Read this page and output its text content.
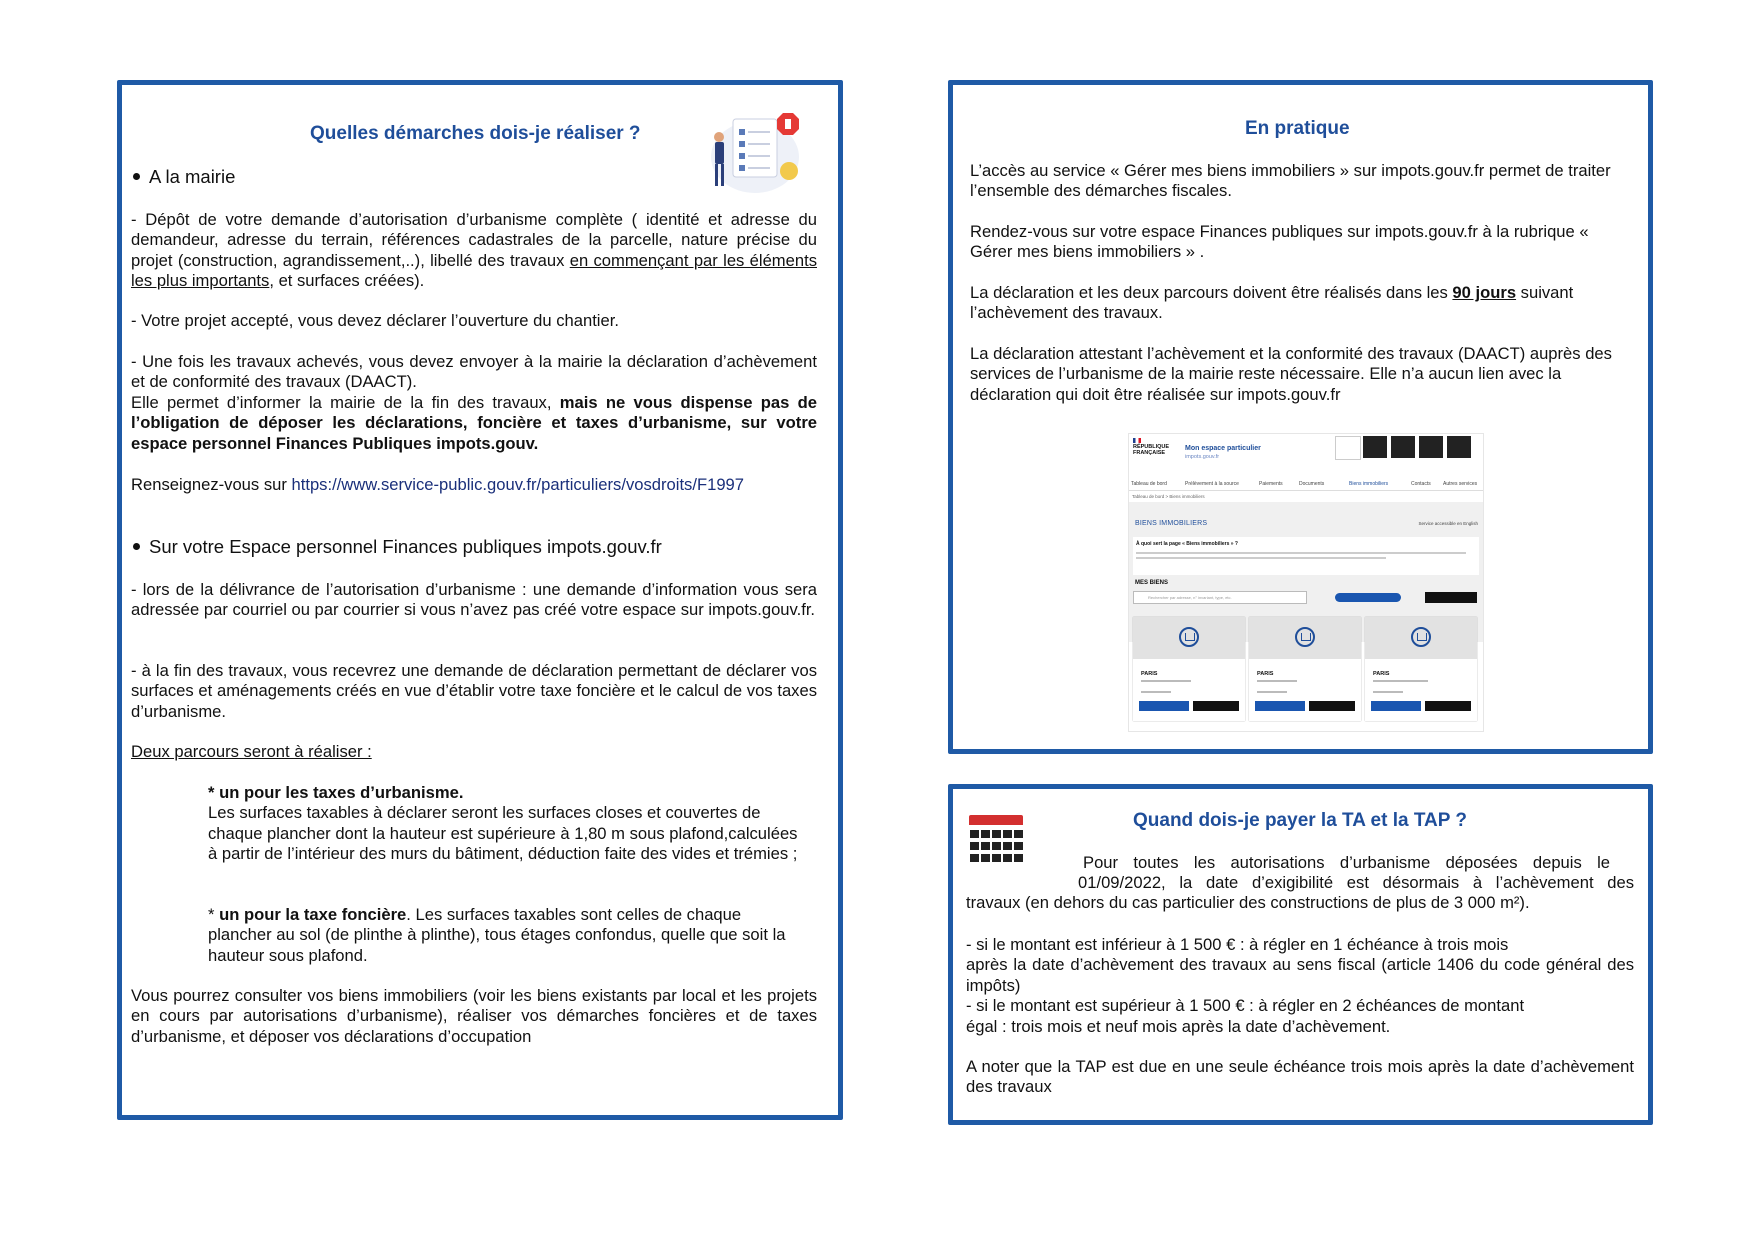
Quelles démarches dois-je réaliser ?
A la mairie
- Dépôt de votre demande d’autorisation d’urbanisme complète ( identité et adresse du demandeur, adresse du terrain, références cadastrales de la parcelle, nature précise du projet (construction, agrandissement,..), libellé des travaux en commençant par les éléments les plus importants, et surfaces créées).
- Votre projet accepté, vous devez déclarer l’ouverture du chantier.

- Une fois les travaux achevés, vous devez envoyer à la mairie la déclaration d’achèvement et de conformité des travaux (DAACT).

Elle permet d’informer la mairie de la fin des travaux, mais ne vous dispense pas de l’obligation de déposer les déclarations, foncière et taxes d’urbanisme, sur votre espace personnel Finances Publiques impots.gouv.

Renseignez-vous sur https://www.service-public.gouv.fr/particuliers/vosdroits/F1997
Sur votre Espace personnel Finances publiques impots.gouv.fr
- lors de la délivrance de l’autorisation d’urbanisme : une demande d’information vous sera adressée par courriel ou par courrier si vous n’avez pas créé votre espace sur impots.gouv.fr.
- à la fin des travaux, vous recevrez une demande de déclaration permettant de déclarer vos surfaces et aménagements créés en vue d’établir votre taxe foncière et le calcul de vos taxes d’urbanisme.
Deux parcours seront à réaliser :

* un pour les taxes d’urbanisme.

Les surfaces taxables à déclarer seront les surfaces closes et couvertes de chaque plancher dont la hauteur est supérieure à 1,80 m sous plafond,calculées à partir de l’intérieur des murs du bâtiment, déduction faite des vides et trémies ;

* un pour la taxe foncière. Les surfaces taxables sont celles de chaque plancher au sol (de plinthe à plinthe), tous étages confondus, quelle que soit la hauteur sous plafond.
Vous pourrez consulter vos biens immobiliers (voir les biens existants par local et les projets en cours par autorisations d’urbanisme), réaliser vos démarches foncières et de taxes d’urbanisme, et déposer vos déclarations d’occupation
En pratique
L’accès au service « Gérer mes biens immobiliers » sur impots.gouv.fr permet de traiter l’ensemble des démarches fiscales.
Rendez-vous sur votre espace Finances publiques sur impots.gouv.fr à la rubrique « Gérer mes biens immobiliers » .
La déclaration et les deux parcours doivent être réalisés dans les 90 jours suivant l’achèvement des travaux.
La déclaration attestant l’achèvement et la conformité des travaux (DAACT) auprès des services de l’urbanisme de la mairie reste nécessaire. Elle n’a aucun lien avec la déclaration qui doit être réalisée sur impots.gouv.fr
RÉPUBLIQUE FRANÇAISE
Mon espace particulier
impots.gouv.fr
Tableau de bord	Prélèvement à la source	Paiements	Documents	Biens immobiliers	Contacts Autres services
Tableau de bord > Biens immobiliers
BIENS IMMOBILIERS	Service accessible en English
À quoi sert la page « Biens immobiliers » ?
MES BIENS
Rechercher par adresse, n° invariant, type, etc.
PARIS	PARIS	PARIS
Quand dois-je payer la TA et la TAP ?
Pour toutes les autorisations d’urbanisme déposées depuis le
01/09/2022, la date d’exigibilité est désormais à l’achèvement des
travaux (en dehors du cas particulier des constructions de plus de 3 000 m²).

- si le montant est inférieur à 1 500 € : à régler en 1 échéance à trois mois

après la date d’achèvement des travaux au sens fiscal (article 1406 du code général des impôts)

- si le montant est supérieur à 1 500 € : à régler en 2 échéances de montant

égal : trois mois et neuf mois après la date d’achèvement.

A noter que la TAP est due en une seule échéance trois mois après la date d’achèvement des travaux
